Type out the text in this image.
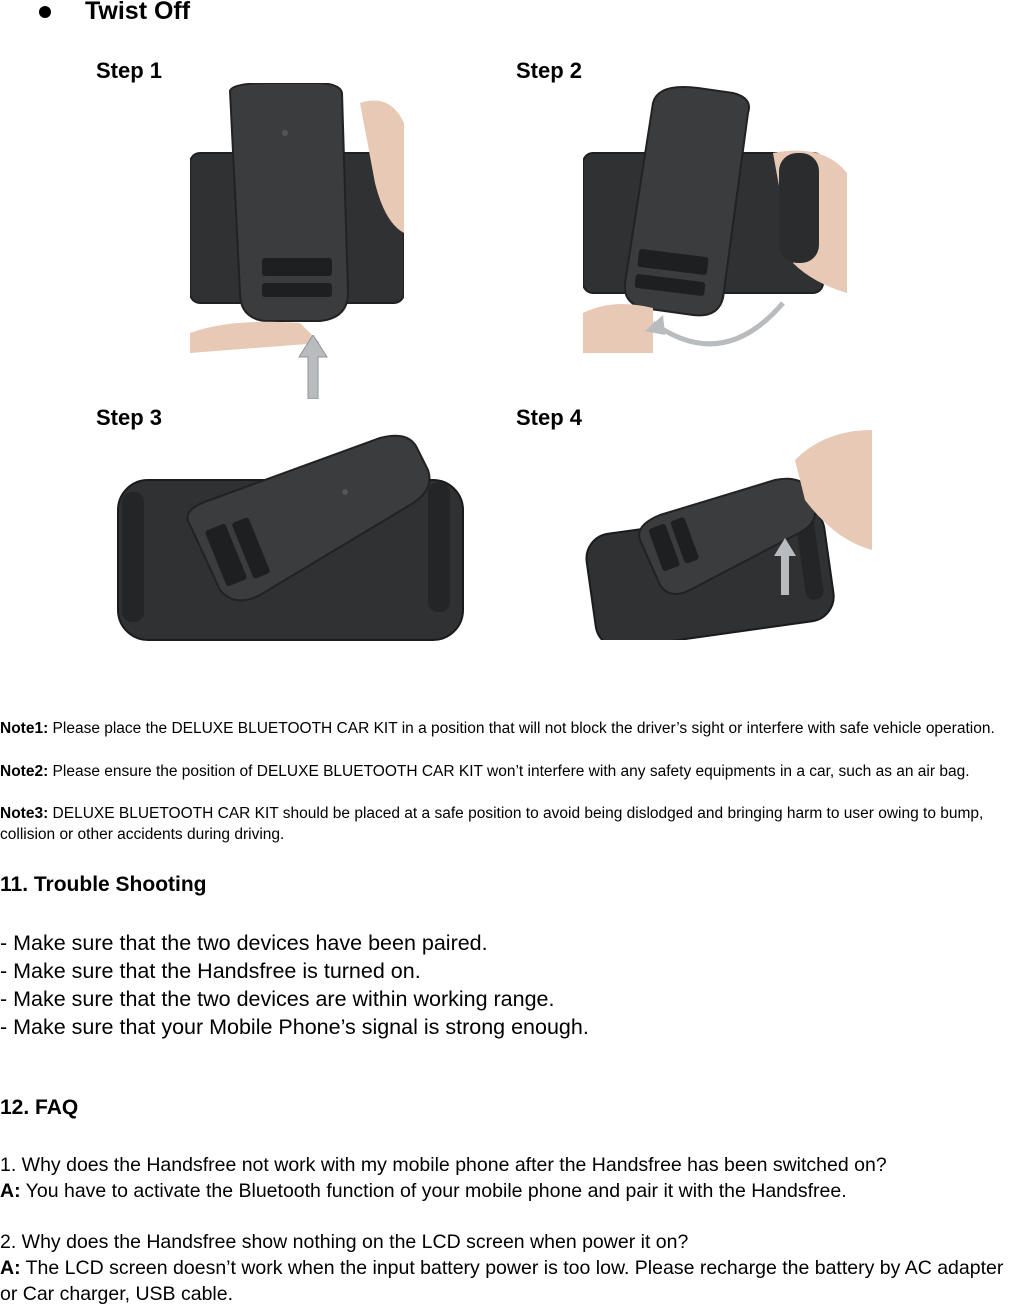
Twist Off
Step 1	Step 2
Step 3	Step 4
Note1: Please place the DELUXE BLUETOOTH CAR KIT in a position that will not block the driver’s sight or interfere with safe vehicle operation.
Note2: Please ensure the position of DELUXE BLUETOOTH CAR KIT won’t interfere with any safety equipments in a car, such as an air bag.
Note3: DELUXE BLUETOOTH CAR KIT should be placed at a safe position to avoid being dislodged and bringing harm to user owing to bump, collision or other accidents during driving.
11. Trouble Shooting
- Make sure that the two devices have been paired.
- Make sure that the Handsfree is turned on.
- Make sure that the two devices are within working range.
- Make sure that your Mobile Phone’s signal is strong enough.
12. FAQ
1. Why does the Handsfree not work with my mobile phone after the Handsfree has been switched on?
A: You have to activate the Bluetooth function of your mobile phone and pair it with the Handsfree.
2. Why does the Handsfree show nothing on the LCD screen when power it on?
A: The LCD screen doesn’t work when the input battery power is too low. Please recharge the battery by AC adapter or Car charger, USB cable.
